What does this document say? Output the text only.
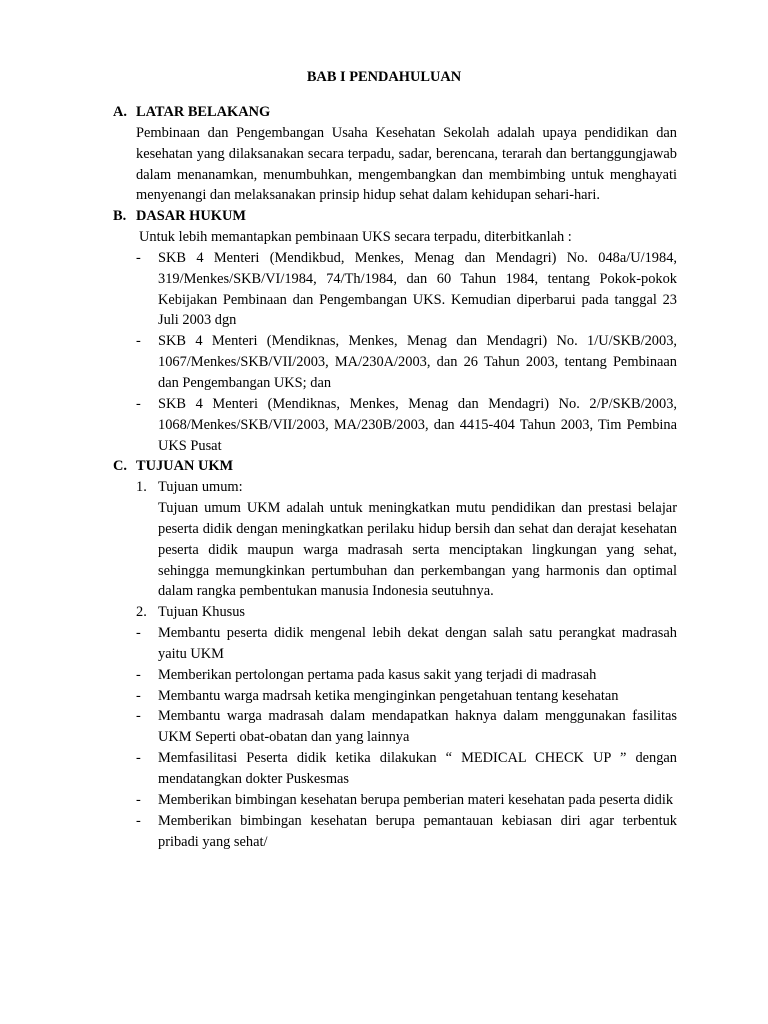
BAB I PENDAHULUAN
A. LATAR BELAKANG
Pembinaan dan Pengembangan Usaha Kesehatan Sekolah adalah upaya pendidikan dan kesehatan yang dilaksanakan secara terpadu, sadar, berencana, terarah dan bertanggungjawab dalam menanamkan, menumbuhkan, mengembangkan dan membimbing untuk menghayati menyenangi dan melaksanakan prinsip hidup sehat dalam kehidupan sehari-hari.
B. DASAR HUKUM
Untuk lebih memantapkan pembinaan UKS secara terpadu, diterbitkanlah :
- SKB 4 Menteri (Mendikbud, Menkes, Menag dan Mendagri) No. 048a/U/1984, 319/Menkes/SKB/VI/1984, 74/Th/1984, dan 60 Tahun 1984, tentang Pokok-pokok Kebijakan Pembinaan dan Pengembangan UKS. Kemudian diperbarui pada tanggal 23 Juli 2003 dgn
- SKB 4 Menteri (Mendiknas, Menkes, Menag dan Mendagri) No. 1/U/SKB/2003, 1067/Menkes/SKB/VII/2003, MA/230A/2003, dan 26 Tahun 2003, tentang Pembinaan dan Pengembangan UKS; dan
- SKB 4 Menteri (Mendiknas, Menkes, Menag dan Mendagri) No. 2/P/SKB/2003, 1068/Menkes/SKB/VII/2003, MA/230B/2003, dan 4415-404 Tahun 2003, Tim Pembina UKS Pusat
C. TUJUAN UKM
1. Tujuan umum:
Tujuan umum UKM adalah untuk meningkatkan mutu pendidikan dan prestasi belajar peserta didik dengan meningkatkan perilaku hidup bersih dan sehat dan derajat kesehatan peserta didik maupun warga madrasah serta menciptakan lingkungan yang sehat, sehingga memungkinkan pertumbuhan dan perkembangan yang harmonis dan optimal dalam rangka pembentukan manusia Indonesia seutuhnya.
2. Tujuan Khusus
- Membantu peserta didik mengenal lebih dekat dengan salah satu perangkat madrasah yaitu UKM
- Memberikan pertolongan pertama pada kasus sakit yang terjadi di madrasah
- Membantu warga madrsah ketika menginginkan pengetahuan tentang kesehatan
- Membantu warga madrasah dalam mendapatkan haknya dalam menggunakan fasilitas UKM Seperti obat-obatan dan yang lainnya
- Memfasilitasi Peserta didik ketika dilakukan “ MEDICAL CHECK UP ” dengan mendatangkan dokter Puskesmas
- Memberikan bimbingan kesehatan berupa pemberian materi kesehatan pada peserta didik
- Memberikan bimbingan kesehatan berupa pemantauan kebiasan diri agar terbentuk pribadi yang sehat/
